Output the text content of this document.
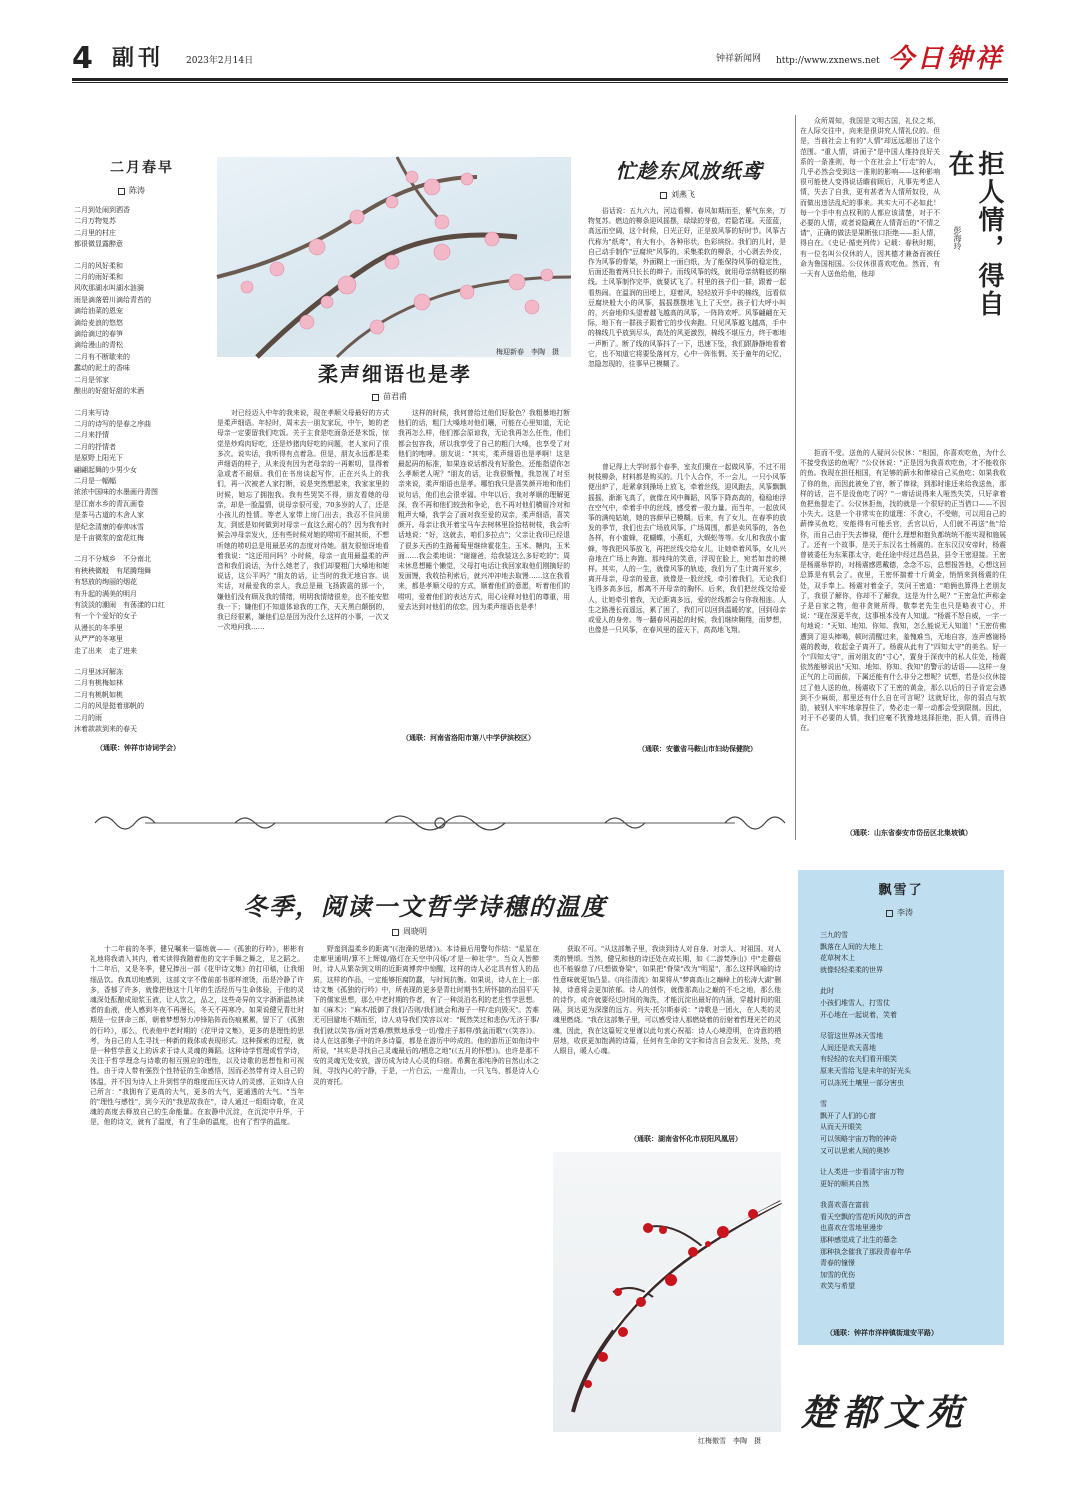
4 副刊 2023年2月14日	钟祥新闻网 http://www.zxnews.net 今日钟祥
二月春早
陈涛
二月到处闹到洒香
二月万物复苏
二月里的村庄
都很微显露醉意
二月的风好柔和
二月的雨好柔和
风吹那湖水叫湖水涟漪
雨是滴落碧川滴给青苔的
滴给油菜的恩宠
滴给麦浪的悠悠
滴给滴过的春笋
滴给漫山的青松
二月有不断歇来的
蠢动的泥土的香味
二月是邻家
酿出的好甜好甜的米酒
二月来写诗
二月的诗写的是春之序曲
二月来抒情
二月的抒情者
是原野上阳光下
翩翩起舞的少男少女
二月是一幅幅
浓浓中国味的水墨画丹青图
是江南水乡的青瓦画卷
是茶马古道的木舍人家
是纪念清康的春帅冰雪
是千亩微浆的蛮花红梅
二月不分城乡　不分南北
有秧秧微般　有尾腾翔舞
有怒放的绚丽的烟花
有升起的满美的明月
有淡淡的潮闹　有荡漾的口红
有一个个爱好的女子
从漫长的冬季里
从严严的冬寒里
走了出来　走了进来
二月里冰河解冻
二月有桃梅如林
二月有桃帆如桃
二月的风是挺着那帆的
二月的雨
沐着款款到来的春天
（通联：钟祥市诗词学会）
梅迎新春　李陶　摄
柔声细语也是孝
苗君甫
对已经迈入中年的我来说，现在孝顺父母最好的方式是柔声细语。年轻时，周末去一朋友家玩，中午，她的老母亲一定要留我们吃饭。关于主食是吃面条还是米饭，惊觉是炒鸡肉好吃，还是炒猪肉好吃的问题，老人家问了很多次。说实话，我听得有点着急。但是，朋友永远都是柔声细语的样子，从来没有因为老母亲的一再絮叨，显得着急或者不耐烦。我们在书房谈起写作，正在兴头上的我们，再一次被老人家打断，说是突然想起来，我家家里的时候，她忘了拥抱我。我有些哭笑不得，朋友看她的母亲，却是一脸温情，说母亲很可爱，70多岁的人了，还是小孩儿的性情。等老人家带上房门出去，我忍不住问朋友，到底是如何做到对母亲一直这么耐心的？因为我有时候会冲母亲发火，还有些时候对她的唠叨不耐其烦，不想听她的唠叨总是用最恶劣的态度对待她。朋友很惊讶地看着我说："这还用问吗？小时候，母亲一直用最温柔的声音和我们说话，为什么她老了，我们却要粗门大嗓地和她说话，这公平吗？"朋友的话，让当时的我无地自容。说实话，对最爱我的亲人，我总是最 飞扬跋扈的那一个，嫌他们没有顾及我的情绪，明明我情绪很差，也不能安慰我一下；嫌他们不知道体谅我的工作，天天黑白颠倒的，我已经很累，嫌他们总是因为没什么这样的小事，一次又一次地问我……
这样的时候，我何曾给过他们好脸色？我粗暴地打断他们的话，粗门大嗓地对他们嚷，可能在心里知道，无论我再怎么样，他们都会原谅我，无论我再怎么任性，他们都会包容我，所以我享受了自己的粗门大嗓，也享受了对他们的咆哮。朋友说："其实，柔声细语也是孝啊！这是最起码的标准，如果连说话都没有好脸色，还能指望你怎么孝顺老人呢？"朋友的话，让我很惭愧，我忽视了对至亲来说，柔声细语也是孝。哪怕我只是喜笑颜开地和他们说句话，他们也会很幸福。中年以后，我对孝顺的理解更深，我不再和他们较劲和争论，也不再对他们横眉冷对和粗声大嗓，我学会了面对我至爱的双亲，柔声细语，喜笑颜开。母亲让我开着宝马车去树林里捡拾枯树枝，我会听话地说："好，这就去，咱们多拉点"；父亲让我印已经退了很多天西的生路葡萄里继续霍花生、玉米、糖肉，玉米面……我会柔地说："谢谢爸，给我装这么多好吃的"；周末休息想睡个懒觉，父母打电话让我回家取他们刚摘好的发面馒，我收拾利索后，就兴冲冲地去取馒……这在我看来，都是孝顺父母的方式，顺着他们的意愿，听着他们的唠叨，爱着他们的表达方式，用心诠释对他们的尊重，用爱去达到对他们的依恋，因为柔声细语也是孝！
（通联：河南省洛阳市第八中学伊滨校区）
忙趁东风放纸鸢
刘燕飞
俗话说：五九六九，河边看柳。春风如期而至，紫气东来，万物复苏。燃边的柳条迎风摇摆，绿绿的芽苞，若隐若现。天蓝蓝，高远而空阔，这个时候，日光正好，正是放风筝的好时节。风筝古代称为"纸鸢"，有大有小，各种形状，色彩缤纷。我们的儿时，是自己动手制作"豆腐块"风筝的。采集柔软的柳条，小心剥去外皮，作为风筝的骨架，外面糊上一面白纸，为了能保持风筝的稳定性，后面还拖着两只长长的辫子。而线风筝的线，就用母亲纳鞋底的棉线。土风筝制作完毕，就要试飞了。村里的孩子们一群，跟着一起看热闹。在温润的田埂上，迎着风，轻轻放开手中的棉线，远看似豆腐块般大小的风筝，摇摇摆摆地飞上了天空。孩子们大呼小叫的，兴奋地仰头望着越飞越高的风筝，一阵阵欢呼。风筝翩翩在天际，地下有一群孩子跟着它的步伐奔跑。只见风筝越飞越高，手中的棉线几乎放到尽头，高处的风更激烈，棉线不堪压力，终于嘭地一声断了。断了线的风筝抖了一下，迅速下坠，我们跟静静地看着它，也不知道它将要坠落何方，心中一阵怅惘。关于童年的记忆，忽隐忽现的，往事早已模糊了。
曾记得上大学时那个春季，室友们聚在一起做风筝，不过不用树枝柳条，材料都是购买的。几个人合作，不一会儿，一只小风筝便出炉了，赶紧拿到操场上放飞，牵着丝线，迎风跑去，风筝飘飘摇摇，渐渐飞高了，就像在风中舞蹈，风筝下降高高的，稳稳地浮在空气中，牵着手中的丝线，感受着一股力量。而当年，一起放风筝的满纯姑娘，她的容颜早已模糊。后来，有了女儿，在春季的放发的季节，我们也去广场放风筝。广场周围，都是卖风筝的，各色各样，有小蜜蜂，花蝴蝶，小燕虹，大蜈蚣等等。女儿和我放小蜜蜂，等我把风筝放飞，再把丝线交给女儿，让她牵着风筝，女儿兴奋地在广场上奔跑。那纯纯的笑意，浮现在脸上，宛若如昔的模样。其实，人的一生，就像风筝的轨迹，我们为了生计离开家乡，离开母亲，母亲的爱意，就像是一股丝线，牵引着我们，无论我们飞得多高多远，都离不开母亲的胸怀。后来，我们把丝线交给爱人，让她牵引着我，无论距离多远，爱的丝线都会与你我相连。人生之路漫长而遥远，累了困了，我们可以回到温暖的家，回到母亲或爱人的身旁。等一翻春风再起的时候，我们继续翱翔，而梦想，也像是一只风筝，在春风里的蓝天下，高高地飞翔。
（通联：安徽省马鞍山市妇幼保健院）
拒人情，得自在
彭海玲
众所周知，我国是文明古国，礼仪之邦，在人际交往中，向来是很讲究人情礼仪的。但是，当前社会上有的"人情"却远远超出了这个范围。"重人情，讲面子"是中国人维持良好关系的一条准则，每一个在社会上"行走"的人，几乎必然会受到这一准则的影响——这种影响很可能使人变得说话瞻前顾后，凡事先考虑人情，失去了自我，更有甚者为人情所奴役，从而做出违法乱纪的事来。其实大可不必如此！每一个手中有点权利的人都应该清楚，对于不必要的人情，或者说隐藏在人情背后的"不情之请"，正确的做法是果断张口拒绝——拒人情，得自在。《史记·循吏列传》记载：春秋时期，有一位名叫公仪休的人，因其德才兼备而被任命为鲁国相国。公仪休很喜欢吃鱼。然而，有一天有人送鱼给他，他却
拒而不受。送鱼的人疑问公仪休："相国，你喜欢吃鱼，为什么不接受我送的鱼呢？"公仪休说："正是因为我喜欢吃鱼，才不能收你的鱼。我现在担任相国，有足够的薪水和俸禄自己买鱼吃；如果我收了你的鱼，而因此被免了官，断了俸禄，到那时谁还来给我送鱼，那样的话，岂不是没鱼吃了吗？"一席话说得来人哑然失笑，只好拿着鱼把鱼提走了。公仪休拒鱼，找的就是一个很好的正当借口——不因小失大。这是一个非常实在的道理：不贪心，不受贿，可以用自己的薪俸买鱼吃，安能得有可能丢官，丢官以后，人们就不再送"鱼"给你，而自己由于失去俸禄，便什么理想和抱负都统统不能实现和施展了。还有一个故事，是关于东汉名士杨震的。在东汉汉安帝时，杨震曾被委任为东莱郡太守，赴任途中经过昌邑县，县令王密迎接。王密是杨震举荐的，对杨震感恩戴德，念念不忘，总想报答他，心想这回总算是有机会了。夜里，王密怀揣着十斤黄金，悄悄来到杨震的住处，双手奉上。杨震对着金子，笑问王密道："咱俩也算得上老朋友了，我很了解你，你却不了解我，这是为什么呢？"王密急忙声称金子是自家之物，他非贪赃所得，敬奉老先生也只是略表寸心，并说："现在深更半夜，这事根本没有人知道。"杨震不怒自威，一字一句地说："天知、地知、你知、我知，怎么能说无人知道！"王密仿佛遭到了迎头棒喝，顿时清醒过来，羞愧难当，无地自容，连声感谢杨震的教诲，收起金子离开了。杨震从此有了"四知太守"的美名。好一个"四知太守"，面对朋友的"寸心"，置身于深夜中的私人住处，杨震依然能够说出"天知、地知、你知、我知"的警示的话语——这样一身正气的上司面前，下属还能有什么非分之想呢？试想，若是公仪休接过了他人送的鱼，杨震收下了王密的黄金，那么以后的日子肯定会遇到不少麻烦，那里还有什么自在可言呢？这就好比，你的弱点与软肋，被别人牢牢地拿捏住了，势必走一辈一动都会受到限制。因此，对于不必要的人情，我们应毫不犹豫地选择拒绝，拒人情，而得自在。
（通联：山东省泰安市岱岳区北集坡镇）
冬季，阅读一文哲学诗穗的温度
周晓明
十二年前的冬季，健兄嘱来一篇练就——《孤独的行吟》，彬彬有礼地将我请入其内，着实读得我随着他的文字手舞之舞之，足之蹈之。十二年后，又是冬季，健兄捧出一部《花甲诗文集》的打印稿，让我细细品饮。我真切地感到，这部文字不像前部书那样滚烫，而是冷静了许多，香郁了许多，就像把他这十几年的生活经历与生命体验，于他的灵魂深处酝酿成琼浆玉液，让人饮之，品之，这些奇异的文字渐渐温热读者的血液，使人感到冬夜不再漫长，冬天不再寒冷。如果说健兄青壮时期是一位拼命三郎，朝着梦想努力冲锋陷阵而伤痕累累，留下了《孤独的行吟》，那么，代表他中老时期的《花甲诗文集》，更多的是理性的思考，为自己的人生寻找一种新的栽体或表现形式。这种探索的过程，就是一种哲学意义上的诉求于诗人灵魂的舞蹈。这种诗学哲理或哲学诗，关注于哲学理念与诗歌的相互照应的理性，以及诗歌的思想性和可视性。由于诗人带有强烈个性特征的生命感悟，因而必然带有诗人自己的体温，并不因为诗人上升到哲学的维度而压灭诗人的灵感，正如诗人自己所言："我拥有了更高的大气，更多的大气，更通透的大气。"当年的"理性与感性"，到今天的"我思故我在"，诗人通过一组组诗歌，在灵魂的高度去释放自己的生命能量。在寂静中沉淀，在沉淀中升华，于是，他的诗文，就有了温度，有了生命的温度，也有了哲学的温度。
野蛮到温柔乡的距离"(《泡澡的思绪》)。本诗最后用警句作结："星星在走廊里通明/算不上辉煌/路灯在天空中闪烁/才是一种社学"。当众人皆醉时，诗人从繁杂到文明的近距离博弈中惊醒，这样的诗人必定具有哲人的品质，这样的作品，一定能够拒腐防蠢，与时间抗衡。如果说，诗人在上一部诗文集《孤独的行吟》中，所表现的更多是青壮时期书生所怀揣的治国平天下的儒家思想，那么中老时期的作者，有了一种淡泊名利的老庄哲学思想。如《麻木》："麻木/抵御了我们/否则/我们就会和海子一样/走向毁灭"。苦难无可回避地不期而至，诗人劝导我们笑容以对："既然笑过和悲伤/无济于事/我们就以笑容/面对苦难/默默地承受一切/像庄子那样/鼓盆而歌"(《笑容》)。诗人在这部集子中的许多诗篇，都是在游历中吟成的。他的游历正如他诗中所说，"其实是寻找自己灵魂最后的/栖息之地"(《五月的怀想》)。也许是那不安的灵魂无处安放，游历成为诗人心灵的归宿。希冀在那纯净的自然山水之间，寻找内心的宁静，于是，一片白云，一座青山，一只飞鸟，都是诗人心灵的寄托。
获取不可。"从这部集子里，我读到诗人对自身、对亲人、对祖国、对人类的赞颂。当然，健兄和他的诗还处在成长期，如《二游梵净山》中"走蘑菇也不能躲慈了/只想做脊梁"，如果把"脊梁"改为"明星"，那么这样讽喻的诗性意味就更加凸显。《向往清流》如果将从"梦离高山之巅峰上的松涛大湖"删掉，诗意将会更加浓郁。诗人的创作，就像那高山之巅的不毛之地，那么他的诗作，或许就要经过时间的淘洗，才能沉淀出最好的内涵，穿越时间的阻隔，到达更为深邃的远方。列夫·托尔斯泰说："诗歌是一团火，在人类的灵魂里燃烧。"我在这部集子里，可以感受诗人那燃烧着的衍射着哲理光芒的灵魂，因此，我在这篇短文里谨以此句衷心祝福：诗人心境澄明，在诗意的栖居地，收获更加饱满的诗篇，任何有生命的文字和诗言自会发光、发热，亮人眼目，暖人心魂。
（通联：湖南省怀化市辰阳风凰居）
红梅傲雪　李陶　摄
飘雪了
李涛
三九的雪
飘落在人间的大地上
花草树木上
就像轻轻柔柔的世界
此时
小孩们堆雪人，打雪仗
开心地在一起说着，笑着
尽管这世界冰天雪地
人间还是欢天喜地
有轻轻的农夫们看开眼笑
原来天雪给飞是未年的好光头
可以冻死土壤里一部分害虫
雪
飘开了人们的心窗
从而天开眼笑
可以领略宇宙万物的神奇
又可以思索人间的奥妙
让人类进一步看清宇宙万物
更好的顺其自然
我喜欢喜在富前
看天空飘的雪花听风吹的声音
也喜欢在雪地里漫步
那种感觉成了北生的幕念
那种执念催我了那段青春年华
青春的憧憬
加雪的优伤
欢笑与希望
（通联：钟祥市洋梓镇街道安平路）
楚都文苑
